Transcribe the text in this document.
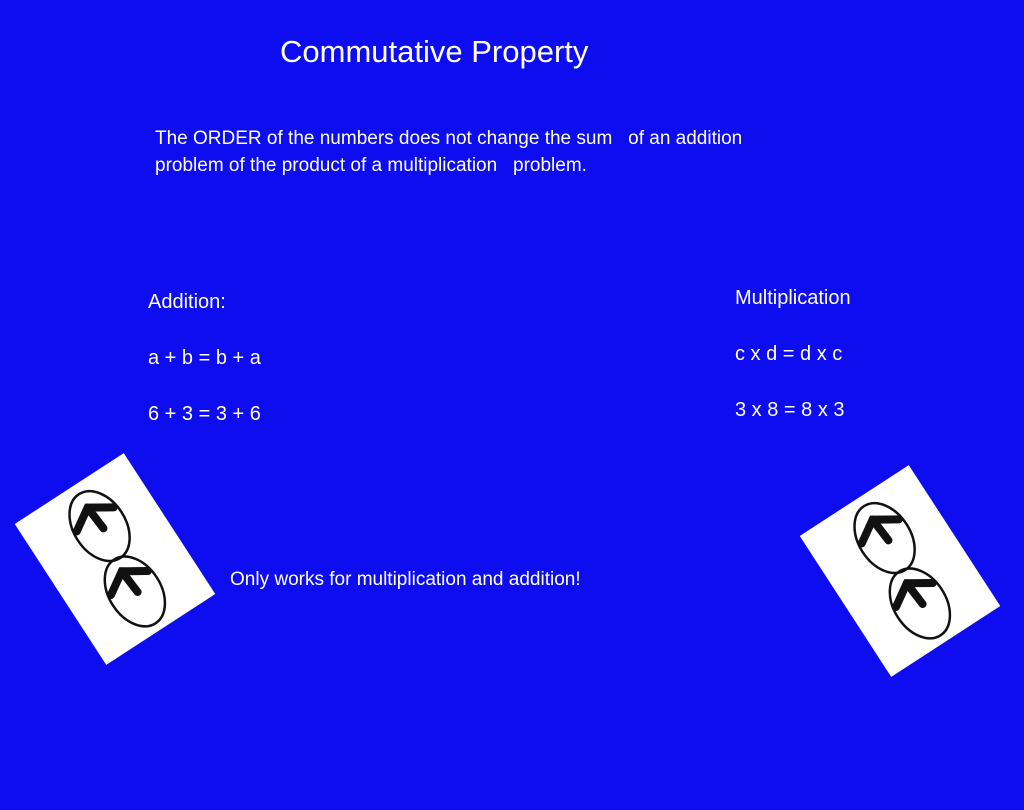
Commutative Property
The ORDER of the numbers does not change the sum   of an addition
problem of the product of a multiplication   problem.
Addition:
a + b = b + a
6 + 3 = 3 + 6
Multiplication
c x d = d x c
3 x 8 = 8 x 3
Only works for multiplication and addition!
